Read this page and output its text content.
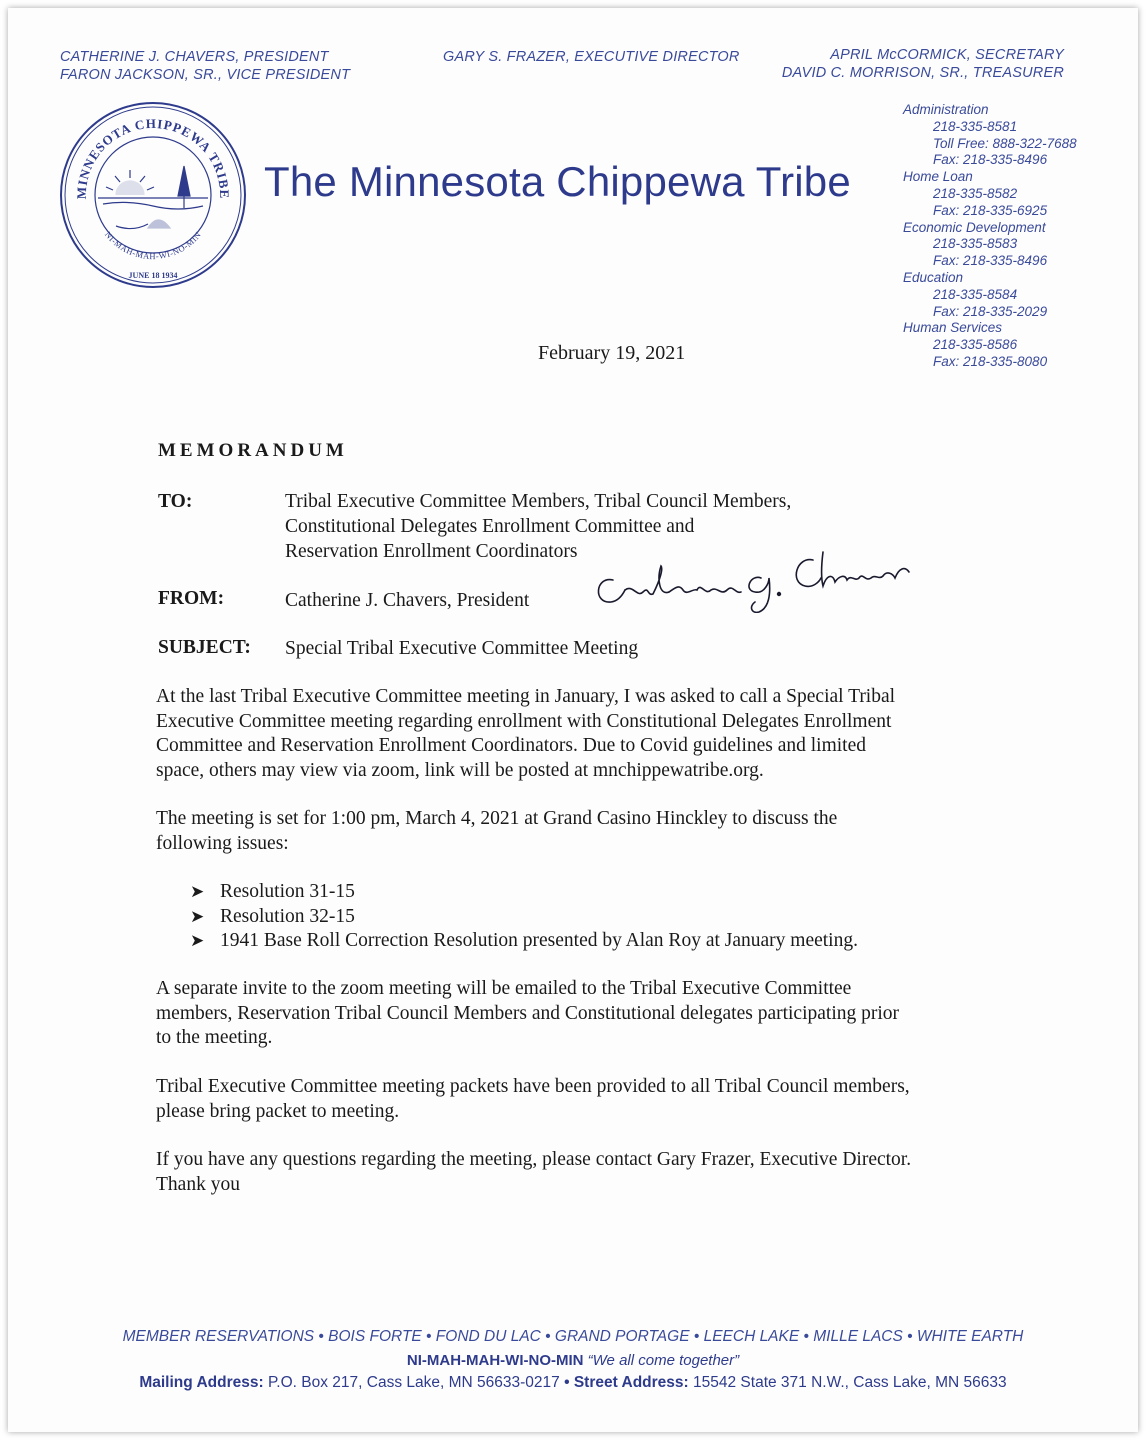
CATHERINE J. CHAVERS, PRESIDENT
FARON JACKSON, SR., VICE PRESIDENT
GARY S. FRAZER, EXECUTIVE DIRECTOR	APRIL McCORMICK, SECRETARY
DAVID C. MORRISON, SR., TREASURER
MINNESOTA CHIPPEWA TRIBE
NI-MAH-MAH-WI-NO-MIN
JUNE 18 1934
The Minnesota Chippewa Tribe
Administration
218-335-8581
Toll Free: 888-322-7688
Fax: 218-335-8496
Home Loan
218-335-8582
Fax: 218-335-6925
Economic Development
218-335-8583
Fax: 218-335-8496
Education
218-335-8584
Fax: 218-335-2029
Human Services
218-335-8586
Fax: 218-335-8080
February 19, 2021
MEMORANDUM
TO:	Tribal Executive Committee Members, Tribal Council Members,
Constitutional Delegates Enrollment Committee and
Reservation Enrollment Coordinators
FROM:	Catherine J. Chavers, President
SUBJECT: Special Tribal Executive Committee Meeting
At the last Tribal Executive Committee meeting in January, I was asked to call a Special Tribal
Executive Committee meeting regarding enrollment with Constitutional Delegates Enrollment
Committee and Reservation Enrollment Coordinators. Due to Covid guidelines and limited
space, others may view via zoom, link will be posted at mnchippewatribe.org.
The meeting is set for 1:00 pm, March 4, 2021 at Grand Casino Hinckley to discuss the
following issues:
➤ Resolution 31-15
➤ Resolution 32-15
➤ 1941 Base Roll Correction Resolution presented by Alan Roy at January meeting.
A separate invite to the zoom meeting will be emailed to the Tribal Executive Committee
members, Reservation Tribal Council Members and Constitutional delegates participating prior
to the meeting.
Tribal Executive Committee meeting packets have been provided to all Tribal Council members,
please bring packet to meeting.
If you have any questions regarding the meeting, please contact Gary Frazer, Executive Director.
Thank you
MEMBER RESERVATIONS • BOIS FORTE • FOND DU LAC • GRAND PORTAGE • LEECH LAKE • MILLE LACS • WHITE EARTH
NI-MAH-MAH-WI-NO-MIN “We all come together”
Mailing Address: P.O. Box 217, Cass Lake, MN 56633-0217 • Street Address: 15542 State 371 N.W., Cass Lake, MN 56633
